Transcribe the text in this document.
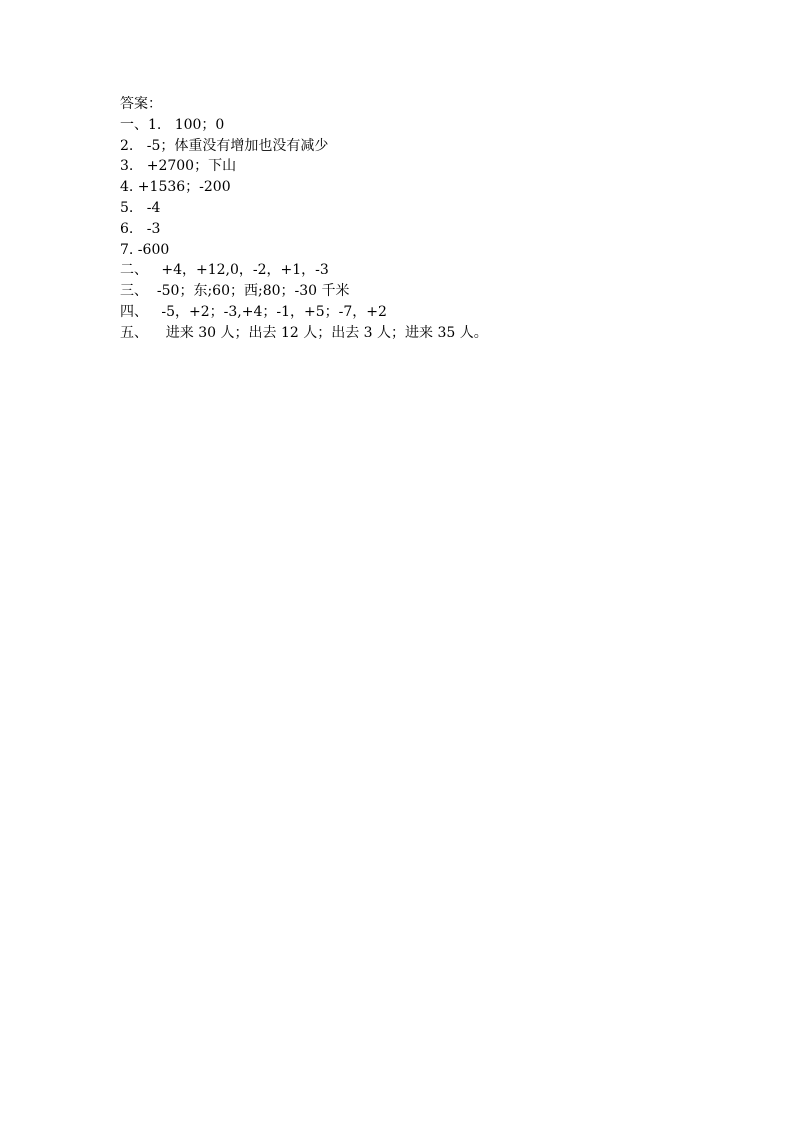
答案：
一、1.   100；0
2.   -5；体重没有增加也没有减少
3.   +2700；下山
4. +1536；-200
5.   -4
6.   -3
7. -600
二、   +4，+12,0，-2，+1，-3
三、  -50；东;60；西;80；-30 千米
四、   -5，+2；-3,+4；-1，+5；-7，+2
五、    进来 30 人；出去 12 人；出去 3 人；进来 35 人。
